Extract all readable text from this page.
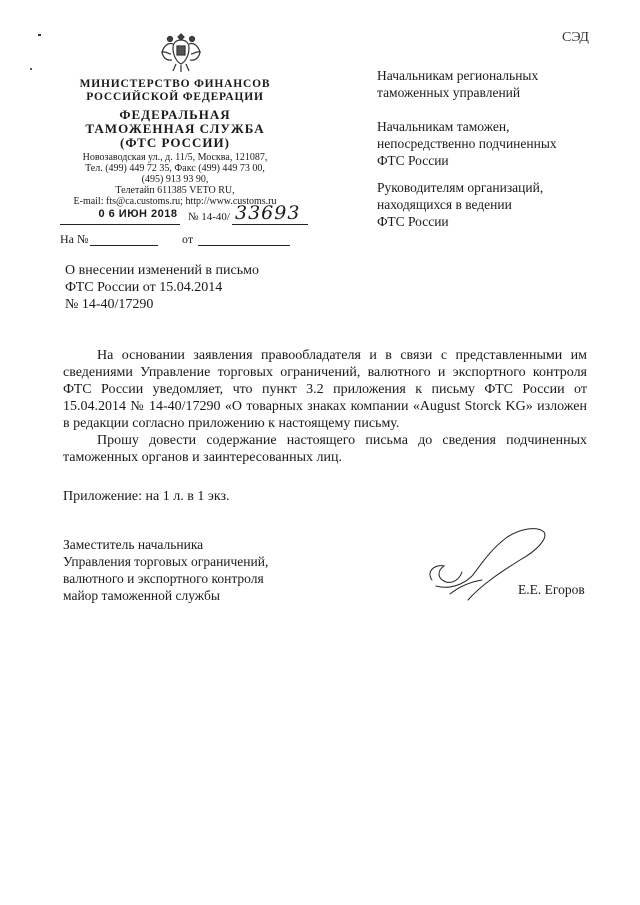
СЭД
МИНИСТЕРСТВО ФИНАНСОВ
РОССИЙСКОЙ ФЕДЕРАЦИИ
ФЕДЕРАЛЬНАЯ
ТАМОЖЕННАЯ СЛУЖБА
(ФТС РОССИИ)
Новозаводская ул., д. 11/5, Москва, 121087,
Тел. (499) 449 72 35, Факс (499) 449 73 00,
(495) 913 93 90,
Телетайп 611385 VETO RU,
E-mail: fts@ca.customs.ru; http://www.customs.ru
0 6 ИЮН 2018 № 14-40/ 33693
На №	от
Начальникам региональных
таможенных управлений
Начальникам таможен,
непосредственно подчиненных
ФТС России
Руководителям организаций,
находящихся в ведении
ФТС России
О внесении изменений в письмо
ФТС России от 15.04.2014
№ 14-40/17290

На основании заявления правообладателя и в связи с представленными им сведениями Управление торговых ограничений, валютного и экспортного контроля ФТС России уведомляет, что пункт 3.2 приложения к письму ФТС России от 15.04.2014 № 14-40/17290 «О товарных знаках компании «August Storck KG» изложен в редакции согласно приложению к настоящему письму.

Прошу довести содержание настоящего письма до сведения подчиненных таможенных органов и заинтересованных лиц.

Приложение: на 1 л. в 1 экз.
Заместитель начальника
Управления торговых ограничений,
валютного и экспортного контроля
майор таможенной службы	Е.Е. Егоров
